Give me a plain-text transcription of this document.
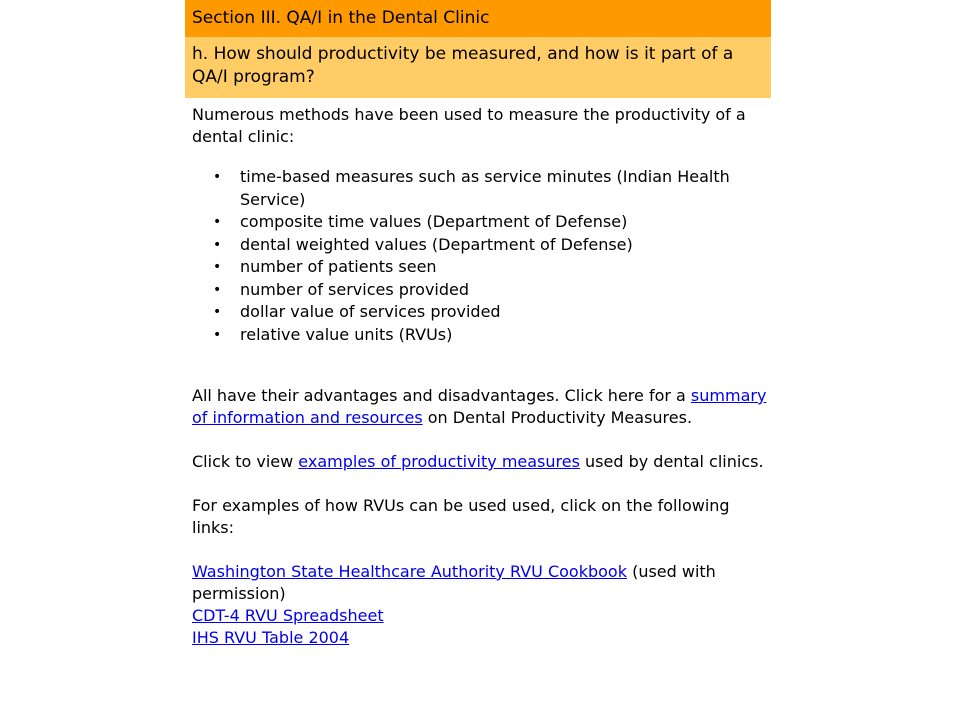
Section III. QA/I in the Dental Clinic
h. How should productivity be measured, and how is it part of a QA/I program?

Numerous methods have been used to measure the productivity of a dental clinic:

• time-based measures such as service minutes (Indian Health Service)
• composite time values (Department of Defense)
• dental weighted values (Department of Defense)
• number of patients seen
• number of services provided
• dollar value of services provided
• relative value units (RVUs)

All have their advantages and disadvantages. Click here for a summary of information and resources on Dental Productivity Measures.

Click to view examples of productivity measures used by dental clinics.

For examples of how RVUs can be used used, click on the following links:

Washington State Healthcare Authority RVU Cookbook (used with permission)
CDT-4 RVU Spreadsheet
IHS RVU Table 2004
